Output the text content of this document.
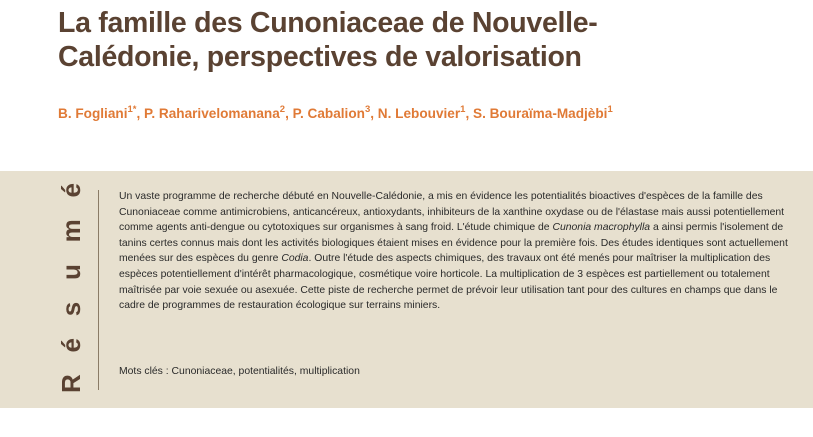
La famille des Cunoniaceae de Nouvelle-
Calédonie, perspectives de valorisation
B. Fogliani$^{1*}$, P. Raharivelomanana$^2$, P. Cabalion$^3$, N. Lebouvier$^1$, S. Bouraïma-Madjèbi$^1$
Résumé	Un vaste programme de recherche débuté en Nouvelle-Calédonie, a mis en évidence les potentialités bioactives d'espèces de la famille des Cunoniaceae comme antimicrobiens, anticancéreux, antioxydants, inhibiteurs de la xanthine oxydase ou de l'élastase mais aussi potentiellement comme agents anti-dengue ou cytotoxiques sur organismes à sang froid. L'étude chimique de Cunonia macrophylla a ainsi permis l'isolement de tanins certes connus mais dont les activités biologiques étaient mises en évidence pour la première fois. Des études identiques sont actuellement menées sur des espèces du genre Codia. Outre l'étude des aspects chimiques, des travaux ont été menés pour maîtriser la multiplication des espèces potentiellement d'intérêt pharmacologique, cosmétique voire horticole. La multiplication de 3 espèces est partiellement ou totalement maîtrisée par voie sexuée ou asexuée. Cette piste de recherche permet de prévoir leur utilisation tant pour des cultures en champs que dans le cadre de programmes de restauration écologique sur terrains miniers.

Mots clés : Cunoniaceae, potentialités, multiplication
